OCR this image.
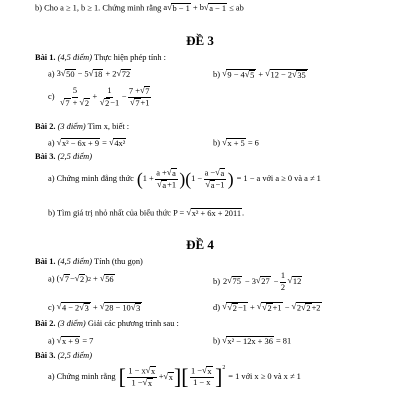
b) Cho a ≥ 1, b ≥ 1. Chứng minh rằng a √ b − 1 + b √ a − 1 ≤ ab
ĐỀ 3
Bài 1. (4,5 điểm) Thực hiện phép tính :
a) 3 √ 50 − 5 √ 18 + 2 √ 72	b) √ 9 − 4 √ 5 + √ 12 − 2 √ 35
$c) \frac{5}{√ 7 + √ 2} + \frac{1}{√ 2 -1} - \frac{7 + √ 7}{√ 7 +1}$
Bài 2. (3 điểm) Tìm x, biết :
a) √ x² − 6x + 9 = √ 4x²	b) √ x + 5 = 6
Bài 3. (2,5 điểm)
a) Chứng minh đẳng thức ( $1 + \frac{a + √ a}{√ a +1}$ ) ( $1 - \frac{a - √ a}{√ a -1}$ ) = 1 − a với a ≥ 0 và a ≠ 1
b) Tìm giá trị nhỏ nhất của biểu thức P = √ x² + 6x + 2011 .
ĐỀ 4
Bài 1. (4,5 điểm) Tính (thu gọn)
a) ( √ 7 − √ 2 ) 2 + √ 56	b) 2 √ 75 − 3 √ $27 - \frac{1}{2}$ √ 12
c) √ 4 − 2 √ 3 + √ 28 − 10 √ 3	d) √ √ 2 −1 + √ √ 2 +1 − √ 2 √ 2 +2
Bài 2. (3 điểm) Giải các phương trình sau :
a) √ x + 9 = 7	b) √ x² − 12x + 36 = 81
Bài 3. (2,5 điểm)
a) Chứng minh rằng [ $\frac{1 - x √ x}{1 - √ x}$ + √ x ] [ $\frac{1 - √ x}{1 - x} ]^2$
= 1 với x ≥ 0 và x ≠ 1
